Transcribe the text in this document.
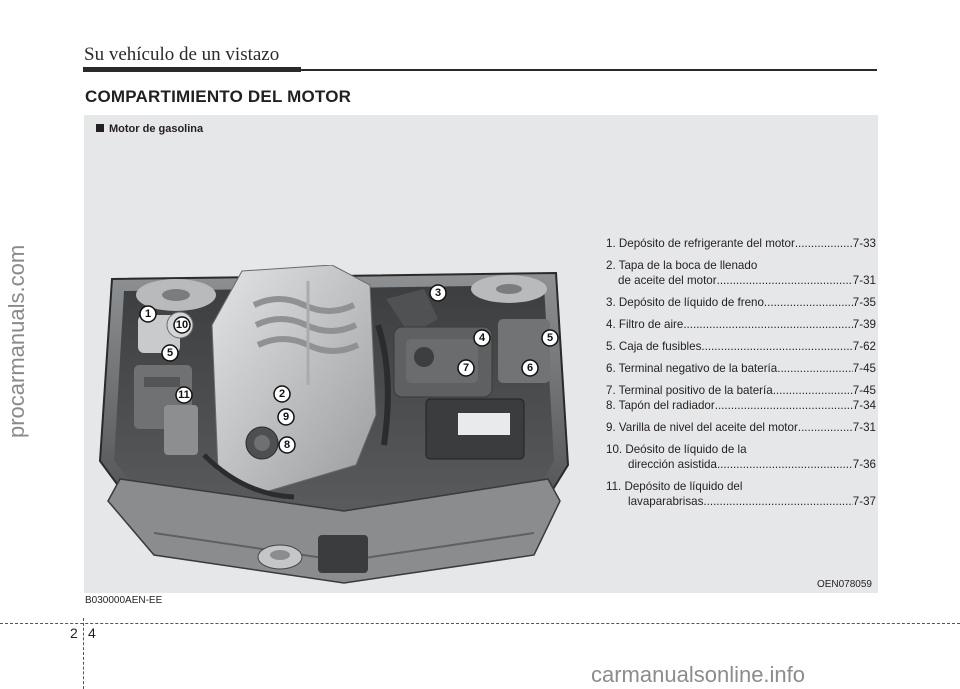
Su vehículo de un vistazo
COMPARTIMIENTO DEL MOTOR
Motor de gasolina
1
10
5
11	2
9
8
3
4
7	6
5
1. Depósito de refrigerante del motor .....	7-33
2. Tapa de la boca de llenado
de aceite del motor .....	7-31
3. Depósito de líquido de freno .....	7-35
4. Filtro de aire .....	7-39
5. Caja de fusibles .....	7-62
6. Terminal negativo de la batería .....	7-45
7. Terminal positivo de la batería .....	7-45
8. Tapón del radiador .....	7-34
9. Varilla de nivel del aceite del motor .....	7-31
10. Deósito de líquido de la
dirección asistida .....	7-36
11. Depósito de líquido del
lavaparabrisas .....	7-37
OEN078059
B030000AEN-EE
2 4
procarmanuals.com
carmanualsonline.info
